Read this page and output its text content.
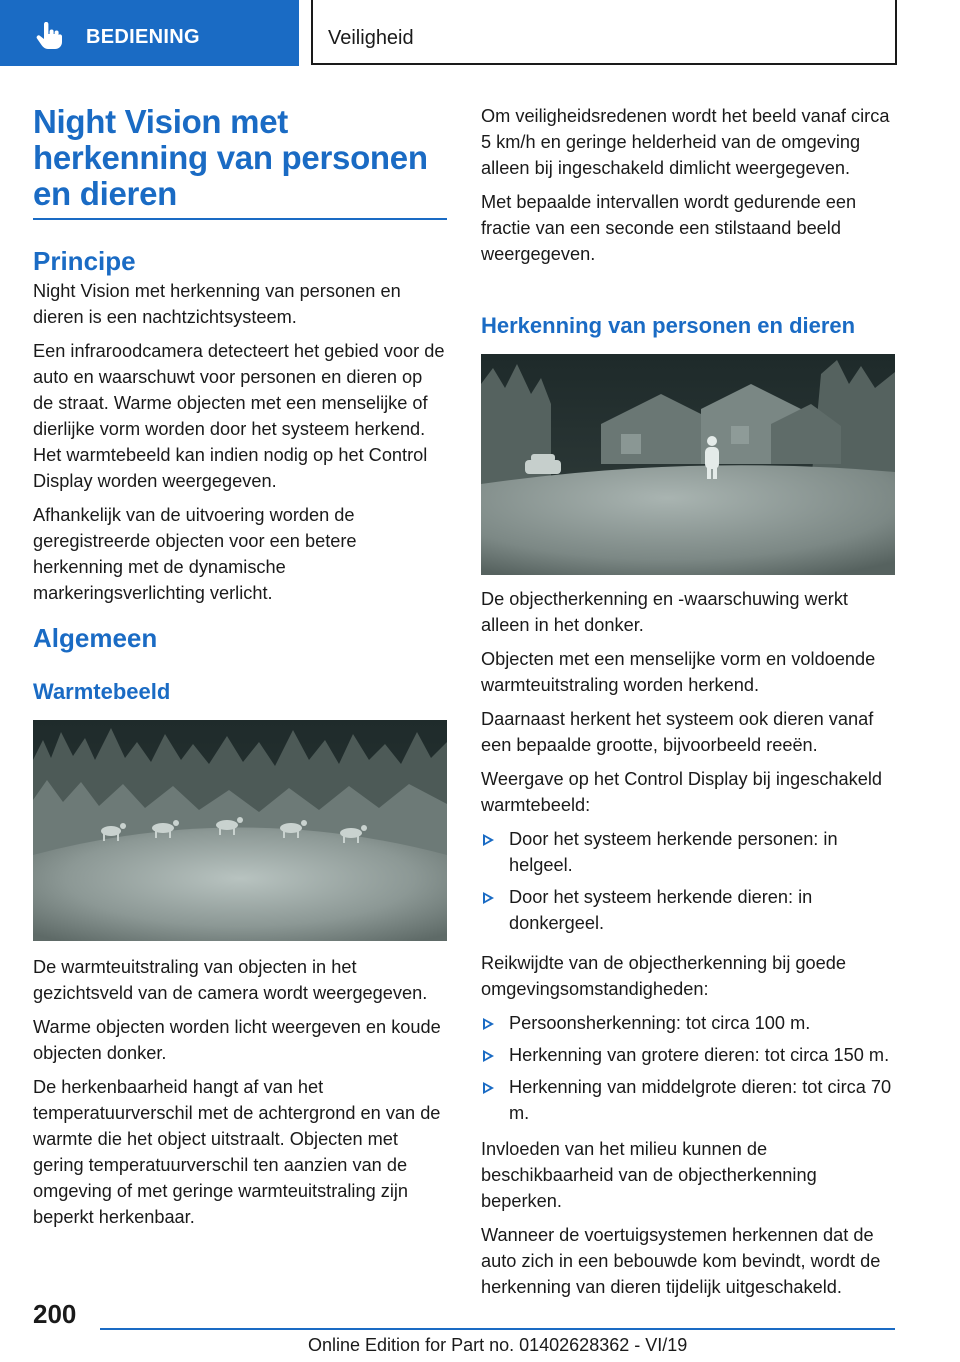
BEDIENING	Veiligheid
Night Vision met herkenning van personen en dieren
Principe

Night Vision met herkenning van personen en dieren is een nachtzichtsysteem.

Een infraroodcamera detecteert het gebied voor de auto en waarschuwt voor personen en dieren op de straat. Warme objecten met een menselijke of dierlijke vorm worden door het systeem herkend. Het warmtebeeld kan indien nodig op het Control Display worden weergegeven.

Afhankelijk van de uitvoering worden de geregistreerde objecten voor een betere herkenning met de dynamische markeringsverlichting verlicht.

Algemeen
Warmtebeeld

De warmteuitstraling van objecten in het gezichtsveld van de camera wordt weergegeven.

Warme objecten worden licht weergeven en koude objecten donker.

De herkenbaarheid hangt af van het temperatuurverschil met de achtergrond en van de warmte die het object uitstraalt. Objecten met gering temperatuurverschil ten aanzien van de omgeving of met geringe warmteuitstraling zijn beperkt herkenbaar.

Om veiligheidsredenen wordt het beeld vanaf circa 5 km/h en geringe helderheid van de omgeving alleen bij ingeschakeld dimlicht weergegeven.

Met bepaalde intervallen wordt gedurende een fractie van een seconde een stilstaand beeld weergegeven.

Herkenning van personen en dieren

De objectherkenning en -waarschuwing werkt alleen in het donker.

Objecten met een menselijke vorm en voldoende warmteuitstraling worden herkend.

Daarnaast herkent het systeem ook dieren vanaf een bepaalde grootte, bijvoorbeeld reeën.

Weergave op het Control Display bij ingeschakeld warmtebeeld:

Door het systeem herkende personen: in helgeel.
Door het systeem herkende dieren: in donkergeel.

Reikwijdte van de objectherkenning bij goede omgevingsomstandigheden:

Persoonsherkenning: tot circa 100 m.
Herkenning van grotere dieren: tot circa 150 m.
Herkenning van middelgrote dieren: tot circa 70 m.

Invloeden van het milieu kunnen de beschikbaarheid van de objectherkenning beperken.

Wanneer de voertuigsystemen herkennen dat de auto zich in een bebouwde kom bevindt, wordt de herkenning van dieren tijdelijk uitgeschakeld.

200
Online Edition for Part no. 01402628362 - VI/19
